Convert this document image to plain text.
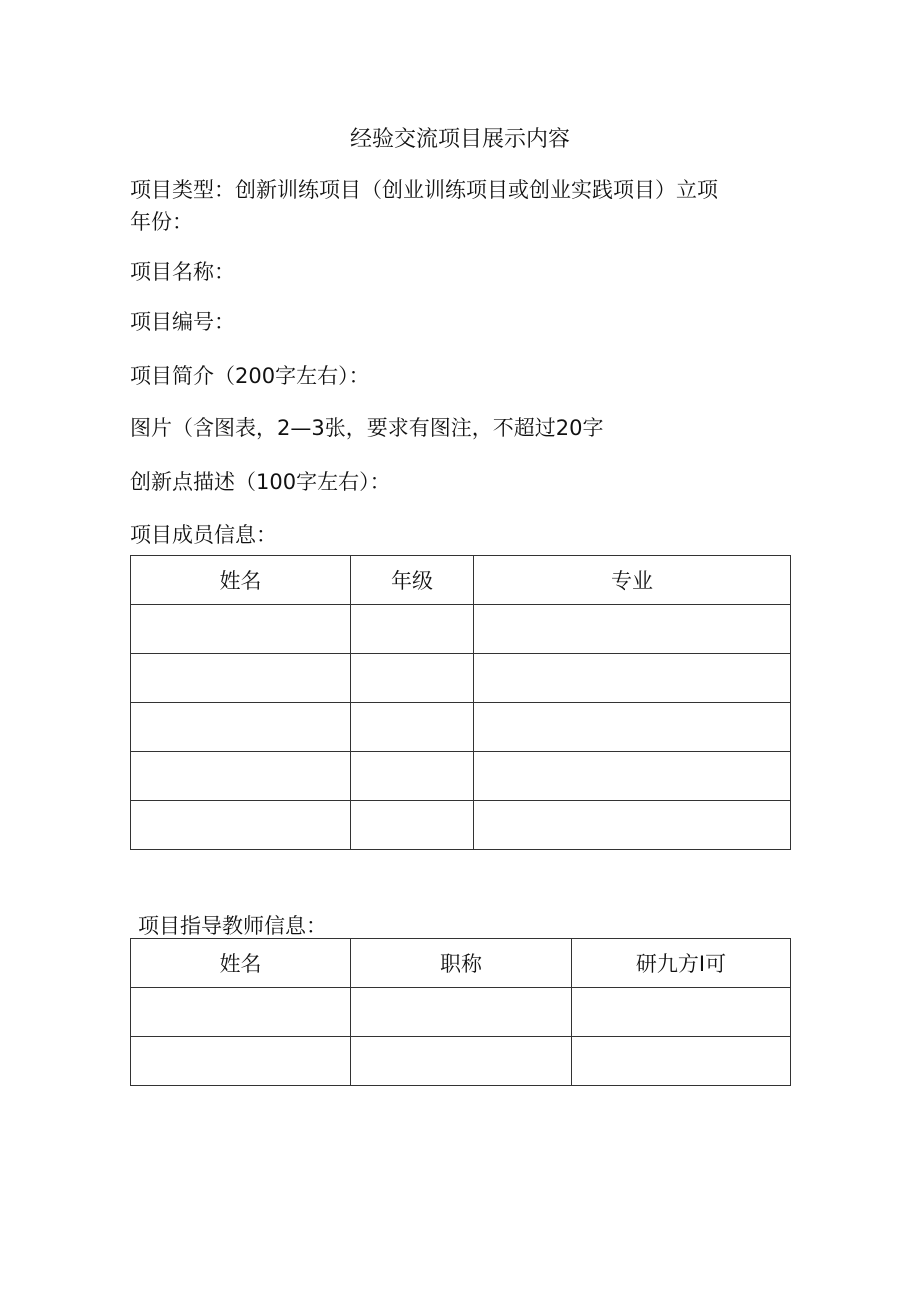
经验交流项目展示内容
项目类型：创新训练项目（创业训练项目或创业实践项目）立项
年份：
项目名称：
项目编号：
项目简介（200字左右）：
图片（含图表，2—3张，要求有图注，不超过20字
创新点描述（100字左右）：
项目成员信息：
姓名	年级	专业

项目指导教师信息：
姓名	职称	研九方I可
